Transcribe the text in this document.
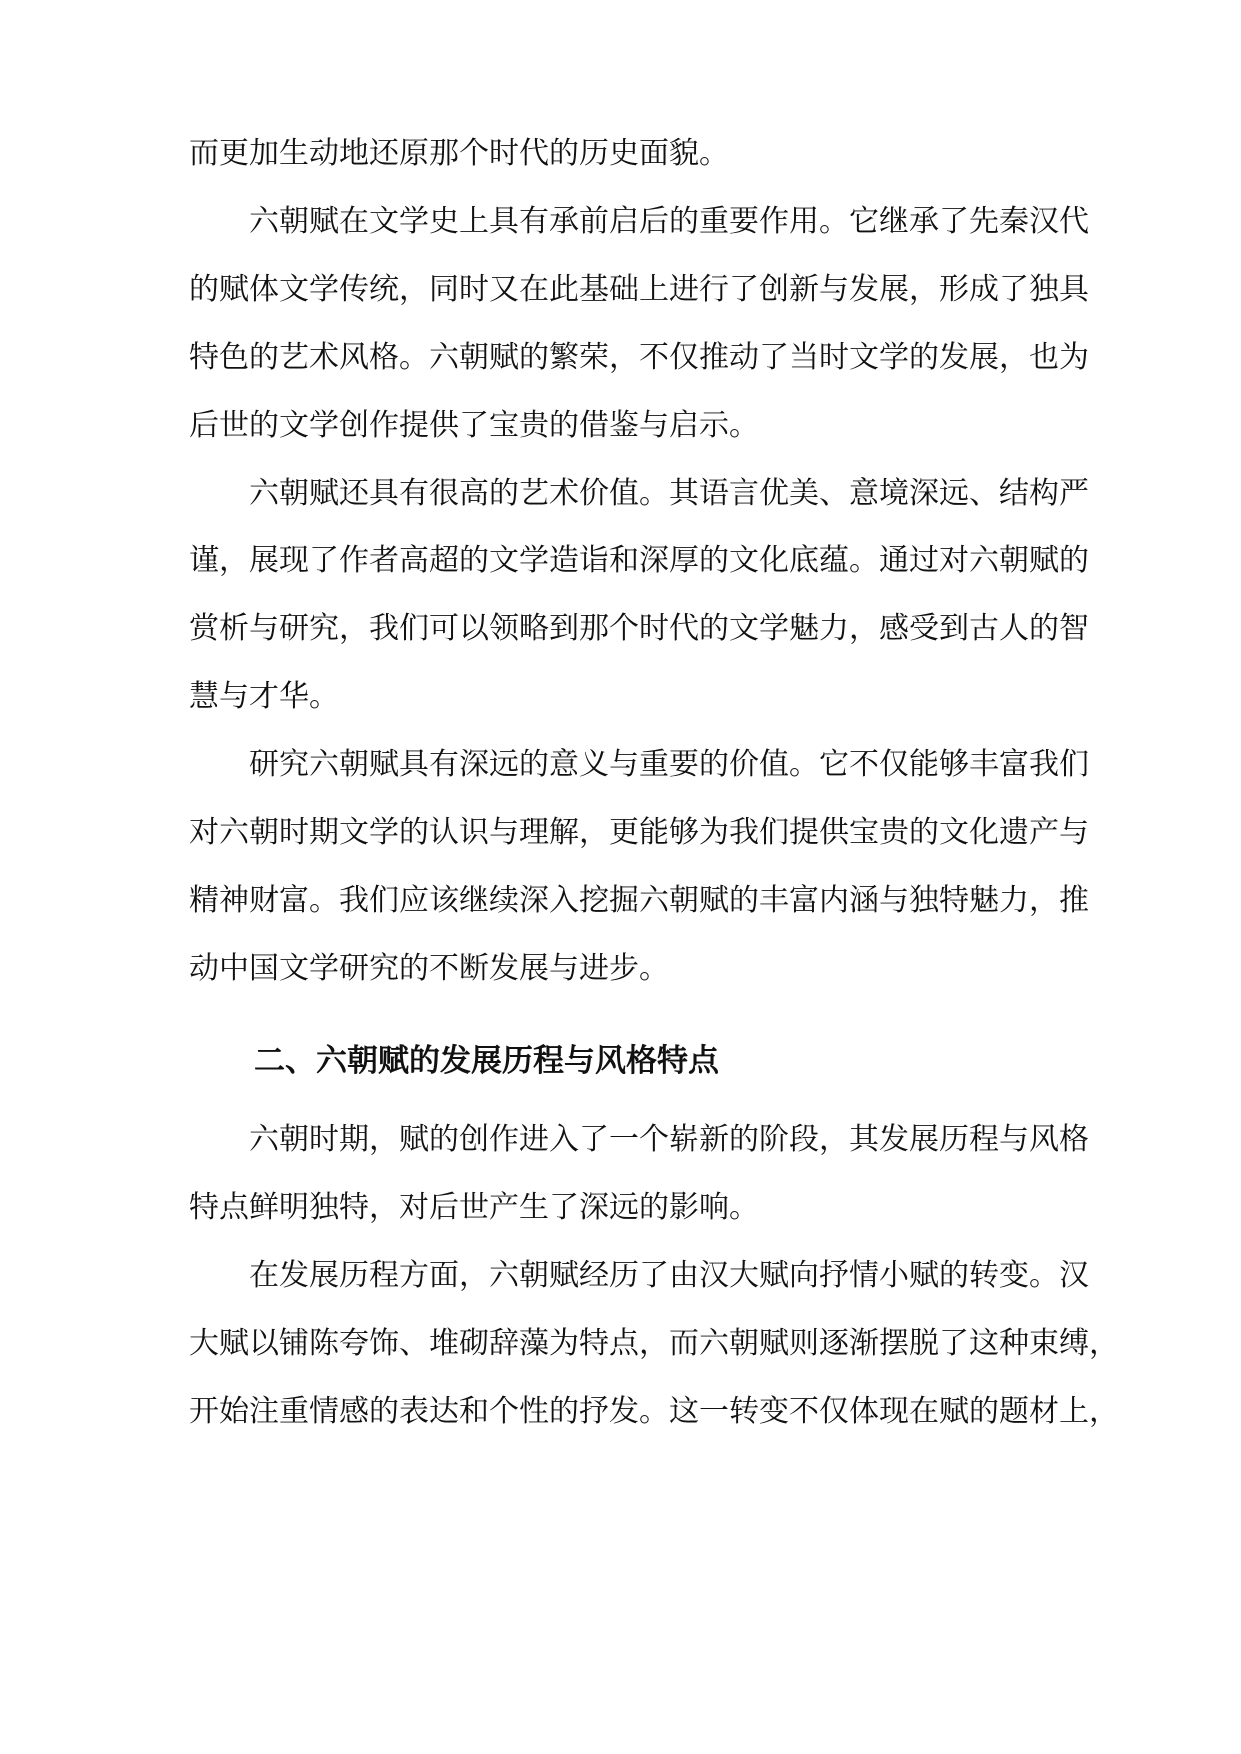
而更加生动地还原那个时代的历史面貌。
六朝赋在文学史上具有承前启后的重要作用。它继承了先秦汉代
的赋体文学传统，同时又在此基础上进行了创新与发展，形成了独具
特色的艺术风格。六朝赋的繁荣，不仅推动了当时文学的发展，也为
后世的文学创作提供了宝贵的借鉴与启示。
六朝赋还具有很高的艺术价值。其语言优美、意境深远、结构严
谨，展现了作者高超的文学造诣和深厚的文化底蕴。通过对六朝赋的
赏析与研究，我们可以领略到那个时代的文学魅力，感受到古人的智
慧与才华。
研究六朝赋具有深远的意义与重要的价值。它不仅能够丰富我们
对六朝时期文学的认识与理解，更能够为我们提供宝贵的文化遗产与
精神财富。我们应该继续深入挖掘六朝赋的丰富内涵与独特魅力，推
动中国文学研究的不断发展与进步。
二、六朝赋的发展历程与风格特点
六朝时期，赋的创作进入了一个崭新的阶段，其发展历程与风格
特点鲜明独特，对后世产生了深远的影响。
在发展历程方面，六朝赋经历了由汉大赋向抒情小赋的转变。汉
大赋以铺陈夸饰、堆砌辞藻为特点，而六朝赋则逐渐摆脱了这种束缚，
开始注重情感的表达和个性的抒发。这一转变不仅体现在赋的题材上，
